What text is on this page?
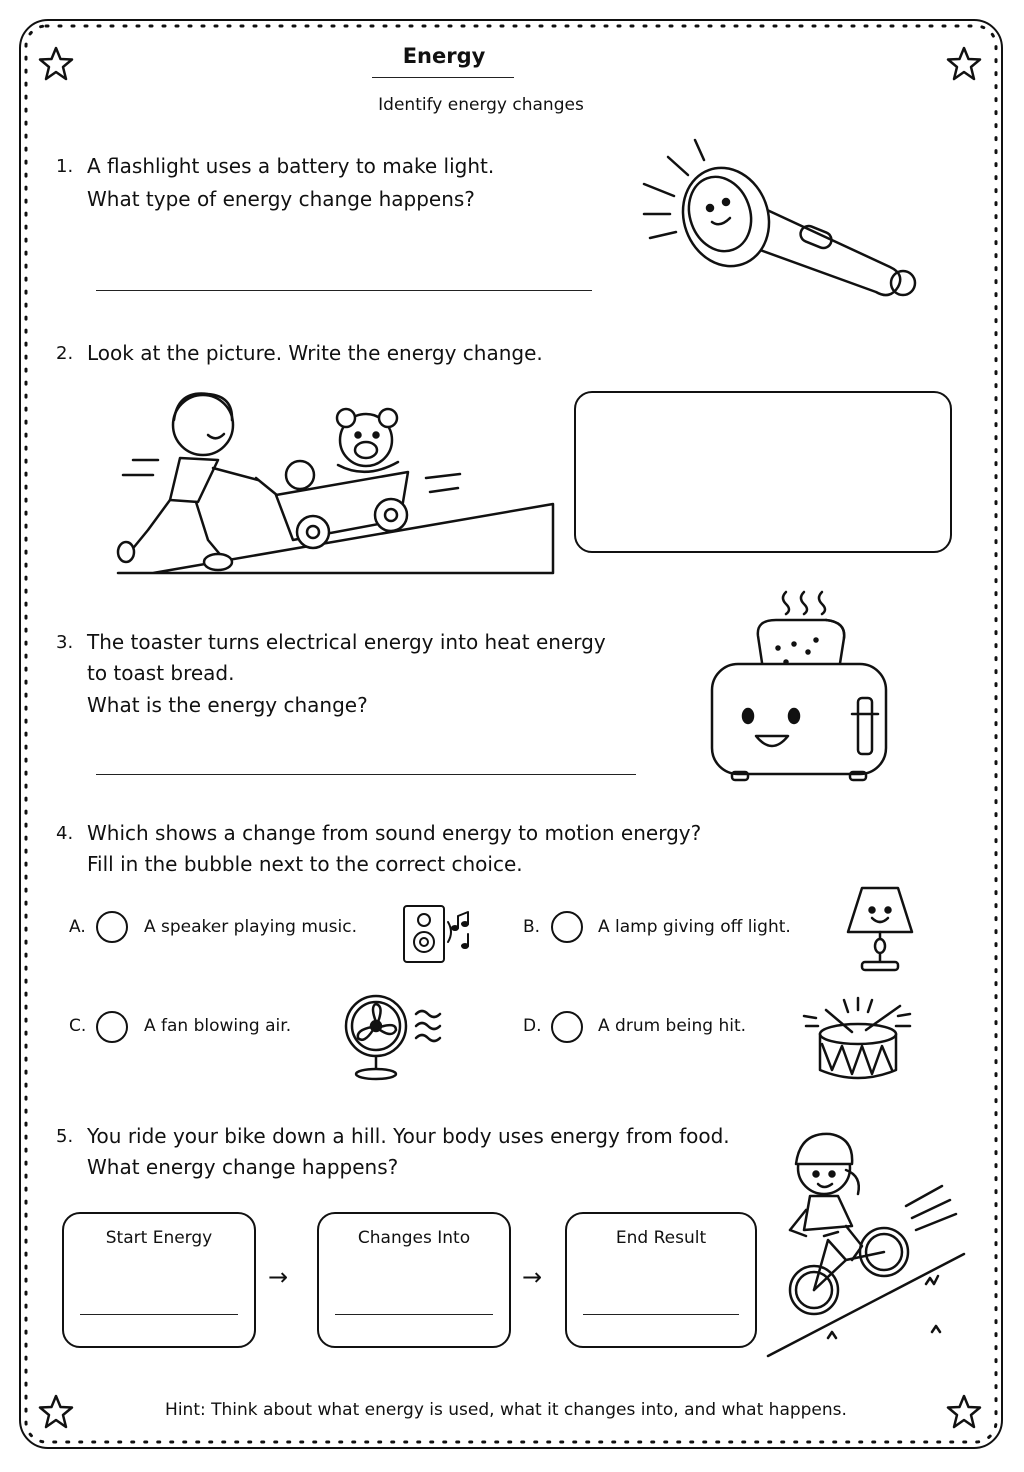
Energy
Identify energy changes
1. A flashlight uses a battery to make light.
What type of energy change happens?
2. Look at the picture. Write the energy change.
3. The toaster turns electrical energy into heat energy
to toast bread.
What is the energy change?
4. Which shows a change from sound energy to motion energy?
Fill in the bubble next to the correct choice.
A.	A speaker playing music.	B.	A lamp giving off light.
C.	A fan blowing air.	D.	A drum being hit.
5. You ride your bike down a hill. Your body uses energy from food.
What energy change happens?
Start Energy
→
Changes Into
→
End Result
Hint: Think about what energy is used, what it changes into, and what happens.
